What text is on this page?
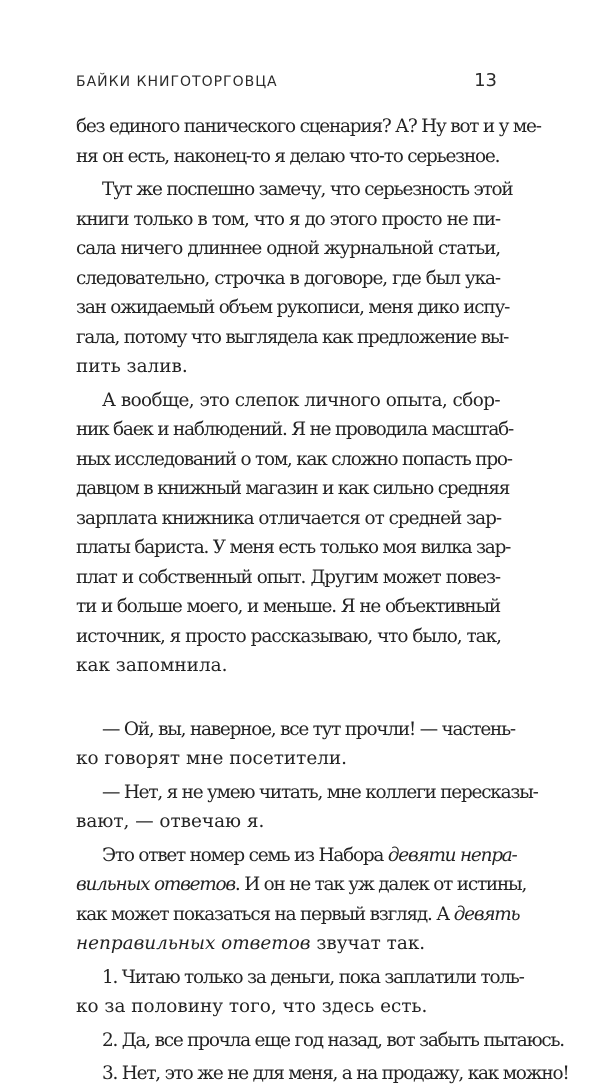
БАЙКИ КНИГОТОРГОВЦА	13
без единого панического сценария? А? Ну вот и у ме-
ня он есть, наконец-то я делаю что-то серьезное.
Тут же поспешно замечу, что серьезность этой
книги только в том, что я до этого просто не пи-
сала ничего длиннее одной журнальной статьи,
следовательно, строчка в договоре, где был ука-
зан ожидаемый объем рукописи, меня дико испу-
гала, потому что выглядела как предложение вы-
пить залив.
А вообще, это слепок личного опыта, сбор-
ник баек и наблюдений. Я не проводила масштаб-
ных исследований о том, как сложно попасть про-
давцом в книжный магазин и как сильно средняя
зарплата книжника отличается от средней зар-
платы бариста. У меня есть только моя вилка зар-
плат и собственный опыт. Другим может повез-
ти и больше моего, и меньше. Я не объективный
источник, я просто рассказываю, что было, так,
как запомнила.
— Ой, вы, наверное, все тут прочли! — частень-
ко говорят мне посетители.
— Нет, я не умею читать, мне коллеги пересказы-
вают, — отвечаю я.
Это ответ номер семь из Набора девяти непра-
вильных ответов. И он не так уж далек от истины,
как может показаться на первый взгляд. А девять
неправильных ответов звучат так.
1. Читаю только за деньги, пока заплатили толь-
ко за половину того, что здесь есть.
2. Да, все прочла еще год назад, вот забыть пытаюсь.
3. Нет, это же не для меня, а на продажу, как можно!
